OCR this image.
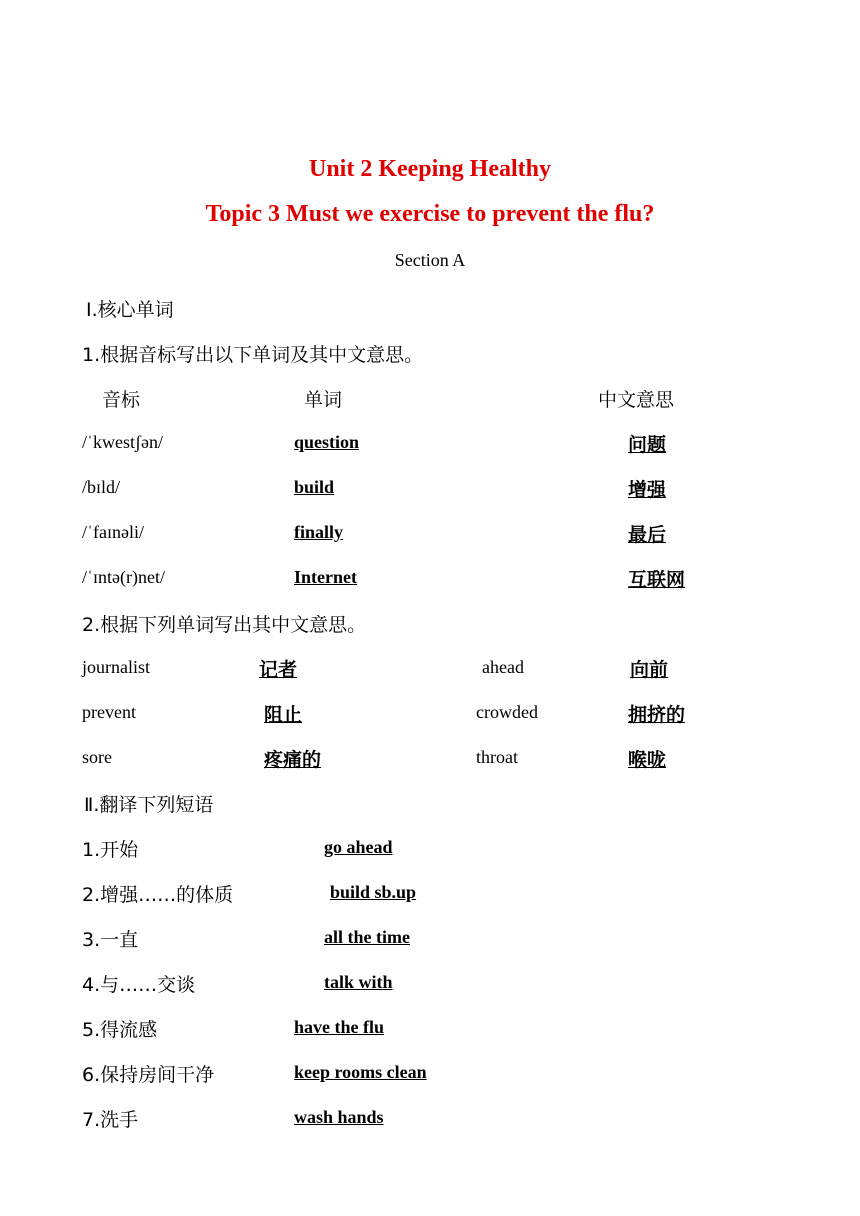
Unit 2 Keeping Healthy
Topic 3 Must we exercise to prevent the flu?
Section A
Ⅰ.核心单词
1.根据音标写出以下单词及其中文意思。
音标	单词	中文意思
/ˈkwestʃən/	question	问题
/bɪld/	build	增强
/ˈfaɪnəli/	finally	最后
/ˈɪntə(r)net/	Internet	互联网
2.根据下列单词写出其中文意思。
journalist	记者	ahead	向前
prevent	阻止	crowded	拥挤的
sore	疼痛的	throat	喉咙
Ⅱ.翻译下列短语
1.开始	go ahead
2.增强……的体质	build sb.up
3.一直	all the time
4.与……交谈	talk with
5.得流感	have the flu
6.保持房间干净	keep rooms clean
7.洗手	wash hands
